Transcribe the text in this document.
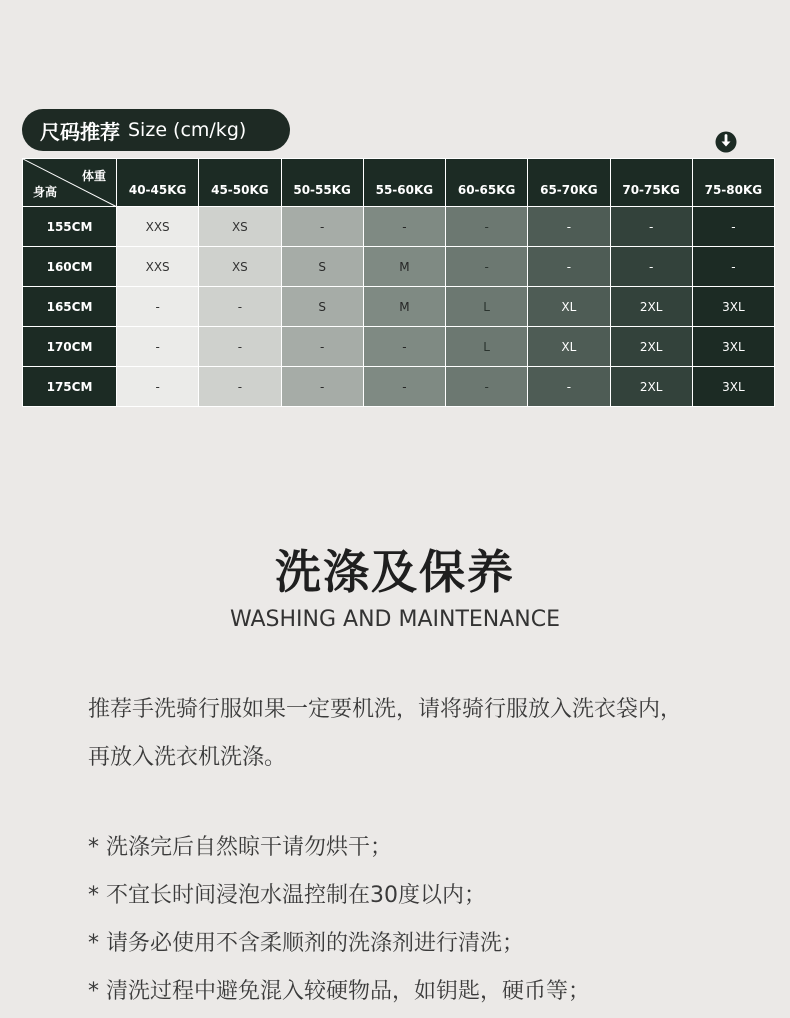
尺码推荐 Size (cm/kg)
体重
身高	40-45KG	45-50KG	50-55KG	55-60KG	60-65KG	65-70KG	70-75KG	75-80KG
155CM	XXS	XS	-	-	-	-	-	-
160CM	XXS	XS	S	M	-	-	-	-
165CM	-	-	S	M	L	XL	2XL	3XL
170CM	-	-	-	-	L	XL	2XL	3XL
175CM	-	-	-	-	-	-	2XL	3XL
洗涤及保养
WASHING AND MAINTENANCE
推荐手洗骑行服如果一定要机洗，请将骑行服放入洗衣袋内，
再放入洗衣机洗涤。
* 洗涤完后自然晾干请勿烘干；
* 不宜长时间浸泡水温控制在30度以内；
* 请务必使用不含柔顺剂的洗涤剂进行清洗；
* 清洗过程中避免混入较硬物品，如钥匙，硬币等；
